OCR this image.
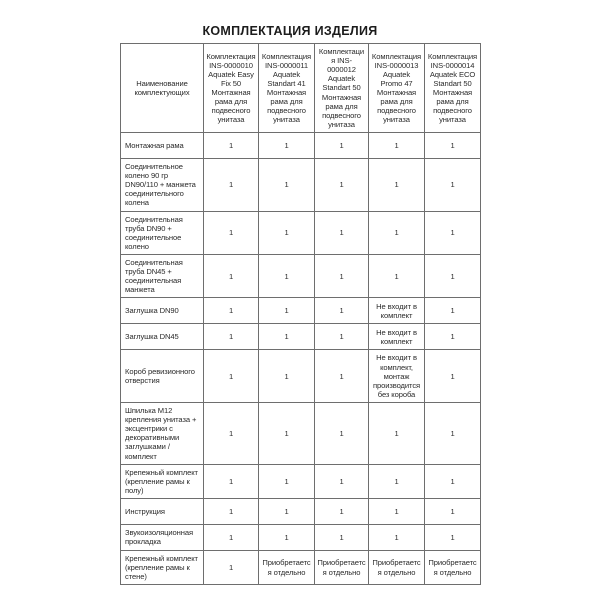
КОМПЛЕКТАЦИЯ ИЗДЕЛИЯ
Наименование комплектующих	Комплектация INS-0000010 Aquatek Easy Fix 50 Монтажная рама для подвесного унитаза	Комплектация INS-0000011 Aquatek Standart 41 Монтажная рама для подвесного унитаза	Комплектация INS-0000012 Aquatek Standart 50 Монтажная рама для подвесного унитаза	Комплектация INS-0000013 Aquatek Promo 47 Монтажная рама для подвесного унитаза	Комплектация INS-0000014 Aquatek ECO Standart 50 Монтажная рама для подвесного унитаза
Монтажная рама	1	1	1	1	1
Соединительное колено 90 гр DN90/110 + манжета соединительного колена	1	1	1	1	1
Соединительная труба DN90 + соединительное колено	1	1	1	1	1
Соединительная труба DN45 + соединительная манжета	1	1	1	1	1
Заглушка DN90	1	1	1	Не входит в комплект	1
Заглушка DN45	1	1	1	Не входит в комплект	1
Короб ревизионного отверстия	1	1	1	Не входит в комплект, монтаж производится без короба	1
Шпилька М12 крепления унитаза + эксцентрики с декоративными заглушками / комплект	1	1	1	1	1
Крепежный комплект (крепление рамы к полу)	1	1	1	1	1
Инструкция	1	1	1	1	1
Звукоизоляционная прокладка	1	1	1	1	1
Крепежный комплект (крепление рамы к стене)	1	Приобретается отдельно	Приобретается отдельно	Приобретается отдельно	Приобретается отдельно
